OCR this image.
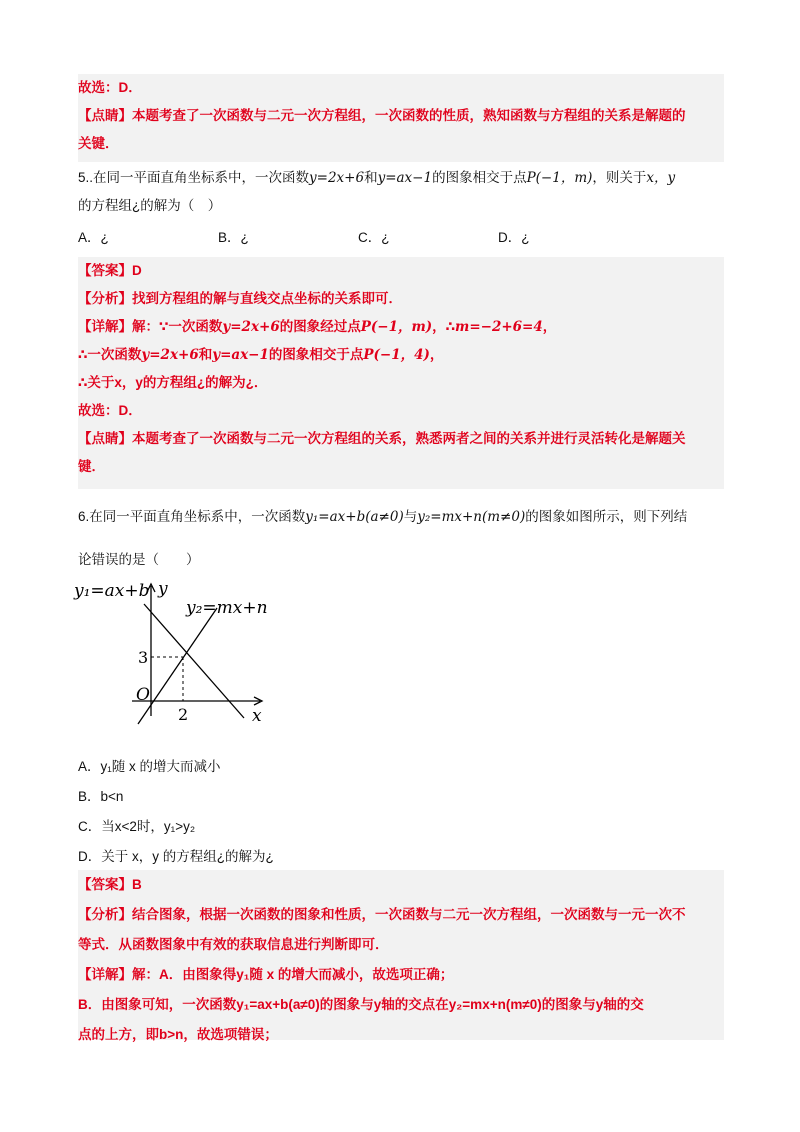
故选：D．
【点睛】本题考查了一次函数与二元一次方程组，一次函数的性质，熟知函数与方程组的关系是解题的
关键．
5..在同一平面直角坐标系中，一次函数y=2x+6和y=ax−1的图象相交于点P(−1，m)，则关于x，y
的方程组¿的解为（　）
A．¿	B．¿	C．¿	D．¿
【答案】D
【分析】找到方程组的解与直线交点坐标的关系即可．
【详解】解：∵一次函数y=2x+6的图象经过点P(−1，m)，∴m=−2+6=4，
∴一次函数y=2x+6和y=ax−1的图象相交于点P(−1，4)，
∴关于x，y的方程组¿的解为¿．
故选：D．
【点睛】本题考查了一次函数与二元一次方程组的关系，熟悉两者之间的关系并进行灵活转化是解题关
键．
6.在同一平面直角坐标系中，一次函数y₁=ax+b(a≠0)与y₂=mx+n(m≠0)的图象如图所示，则下列结
论错误的是（　　）
y₁=ax+b
y₂=mx+n
y
x
O
3
2
A．y₁随 x 的增大而减小
B．b<n
C．当x<2时，y₁>y₂
D．关于 x，y 的方程组¿的解为¿
【答案】B
【分析】结合图象，根据一次函数的图象和性质，一次函数与二元一次方程组，一次函数与一元一次不
等式．从函数图象中有效的获取信息进行判断即可．
【详解】解：A．由图象得y₁随 x 的增大而减小，故选项正确；
B．由图象可知，一次函数y₁=ax+b(a≠0)的图象与y轴的交点在y₂=mx+n(m≠0)的图象与y轴的交
点的上方，即b>n，故选项错误；
